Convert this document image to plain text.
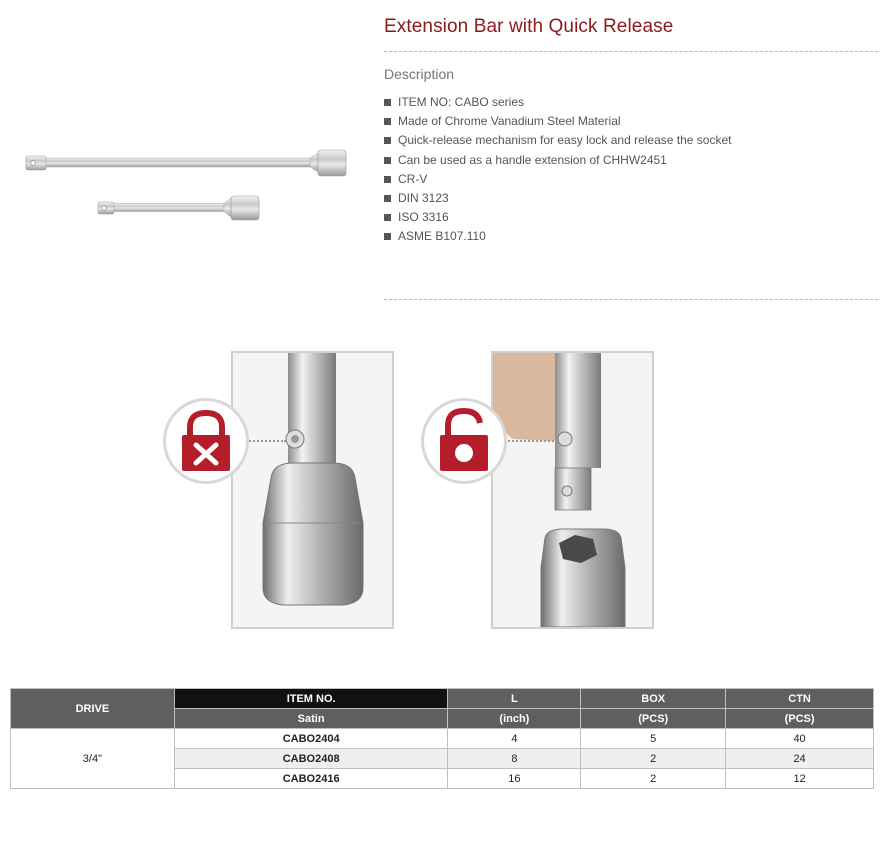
Extension Bar with Quick Release
Description
ITEM NO: CABO series
Made of Chrome Vanadium Steel Material
Quick-release mechanism for easy lock and release the socket
Can be used as a handle extension of CHHW2451
CR-V
DIN 3123
ISO 3316
ASME B107.110
DRIVE	ITEM NO.	L	BOX	CTN
	Satin	(inch)	(PCS)	(PCS)
3/4"	CABO2404	4	5	40
	CABO2408	8	2	24
	CABO2416	16	2	12
